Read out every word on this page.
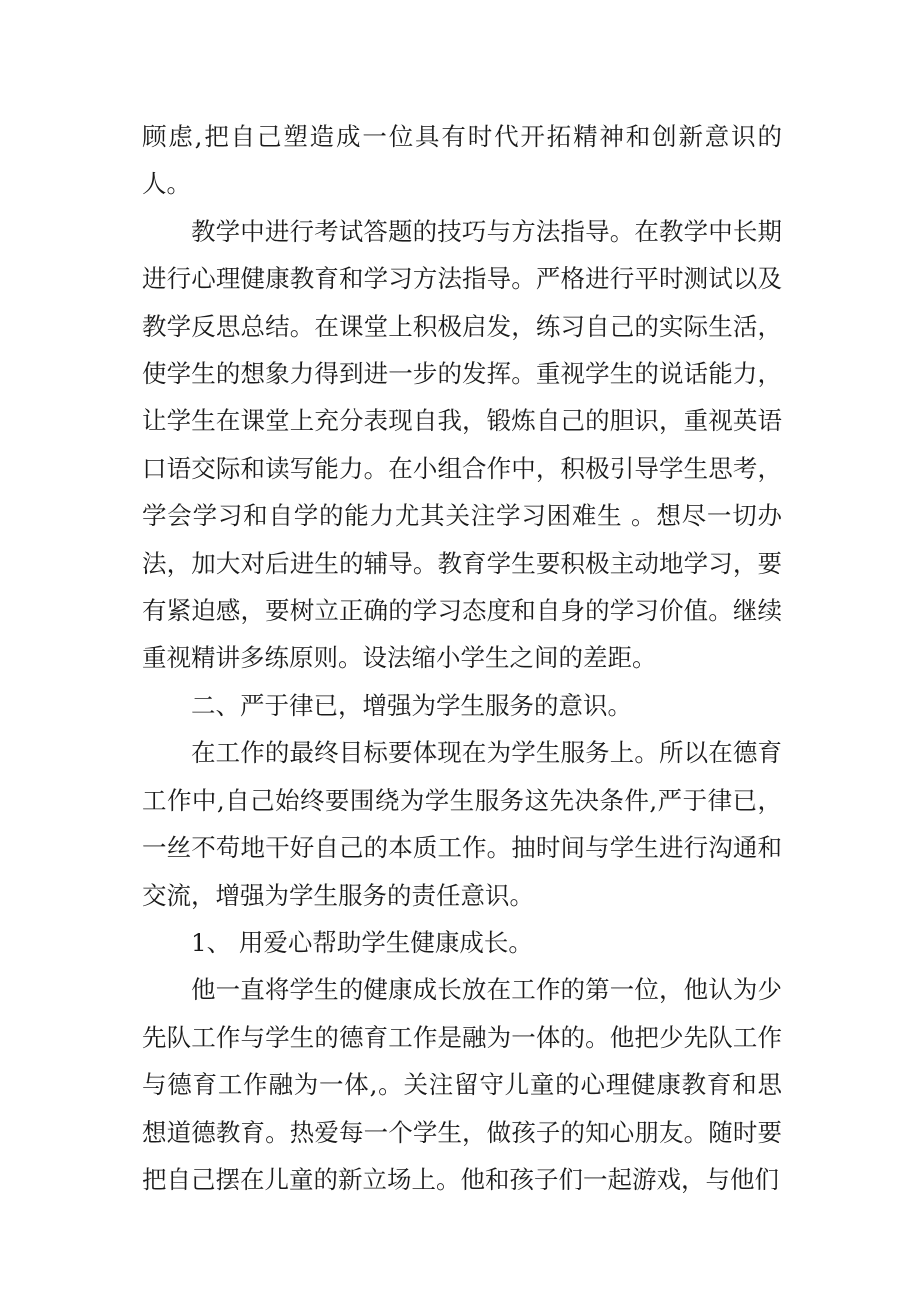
顾虑,把自己塑造成一位具有时代开拓精神和创新意识的人。

教学中进行考试答题的技巧与方法指导。在教学中长期进行心理健康教育和学习方法指导。严格进行平时测试以及教学反思总结。在课堂上积极启发，练习自己的实际生活，使学生的想象力得到进一步的发挥。重视学生的说话能力，让学生在课堂上充分表现自我，锻炼自己的胆识，重视英语口语交际和读写能力。在小组合作中，积极引导学生思考，学会学习和自学的能力尤其关注学习困难生 。想尽一切办法，加大对后进生的辅导。教育学生要积极主动地学习，要有紧迫感，要树立正确的学习态度和自身的学习价值。继续重视精讲多练原则。设法缩小学生之间的差距。

二、严于律已，增强为学生服务的意识。

在工作的最终目标要体现在为学生服务上。所以在德育工作中,自己始终要围绕为学生服务这先决条件,严于律已，一丝不苟地干好自己的本质工作。抽时间与学生进行沟通和交流，增强为学生服务的责任意识。

1、 用爱心帮助学生健康成长。

他一直将学生的健康成长放在工作的第一位，他认为少先队工作与学生的德育工作是融为一体的。他把少先队工作与德育工作融为一体,。关注留守儿童的心理健康教育和思想道德教育。热爱每一个学生，做孩子的知心朋友。随时要把自己摆在儿童的新立场上。他和孩子们一起游戏，与他们
